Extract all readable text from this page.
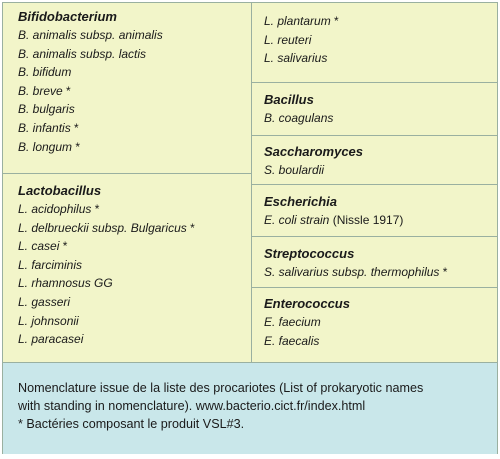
Bifidobacterium
B. animalis subsp. animalis
B. animalis subsp. lactis
B. bifidum
B. breve *
B. bulgaris
B. infantis *
B. longum *
Lactobacillus
L. acidophilus *
L. delbrueckii subsp. Bulgaricus *
L. casei *
L. farciminis
L. rhamnosus GG
L. gasseri
L. johnsonii
L. paracasei
L. plantarum *
L. reuteri
L. salivarius
Bacillus
B. coagulans
Saccharomyces
S. boulardii
Escherichia
E. coli strain (Nissle 1917)
Streptococcus
S. salivarius subsp. thermophilus *
Enterococcus
E. faecium
E. faecalis
Nomenclature issue de la liste des procariotes (List of prokaryotic names
with standing in nomenclature). www.bacterio.cict.fr/index.html
* Bactéries composant le produit VSL#3.
